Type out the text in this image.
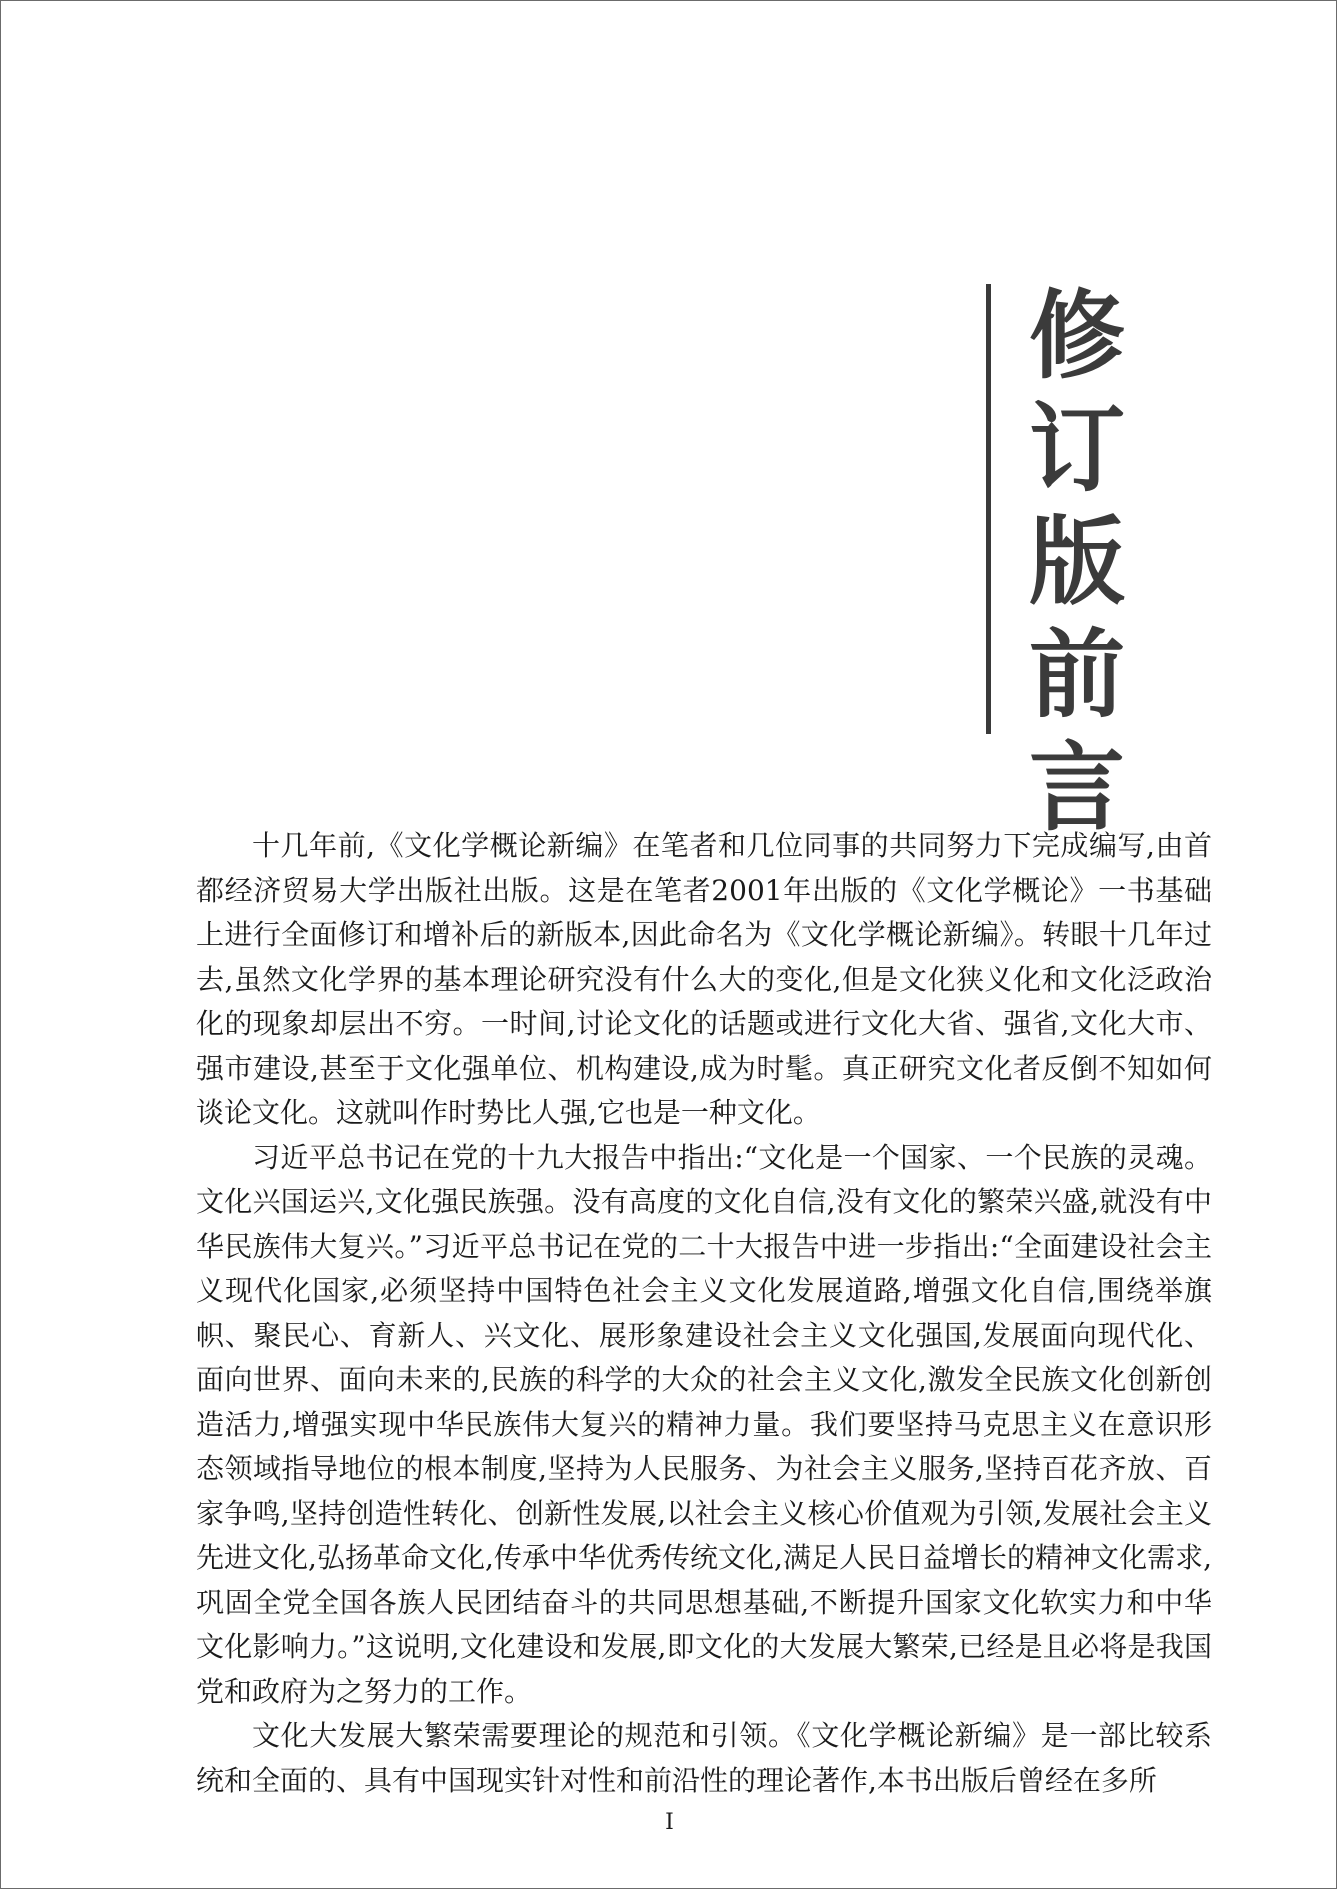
修
订
版
前
言

十几年前,《文化学概论新编》在笔者和几位同事的共同努力下完成编写,由首都经济贸易大学出版社出版。这是在笔者2001年出版的《文化学概论》一书基础上进行全面修订和增补后的新版本,因此命名为《文化学概论新编》。转眼十几年过去,虽然文化学界的基本理论研究没有什么大的变化,但是文化狭义化和文化泛政治化的现象却层出不穷。一时间,讨论文化的话题或进行文化大省、强省,文化大市、强市建设,甚至于文化强单位、机构建设,成为时髦。真正研究文化者反倒不知如何谈论文化。这就叫作时势比人强,它也是一种文化。

习近平总书记在党的十九大报告中指出:“文化是一个国家、一个民族的灵魂。文化兴国运兴,文化强民族强。没有高度的文化自信,没有文化的繁荣兴盛,就没有中华民族伟大复兴。”习近平总书记在党的二十大报告中进一步指出:“全面建设社会主义现代化国家,必须坚持中国特色社会主义文化发展道路,增强文化自信,围绕举旗帜、聚民心、育新人、兴文化、展形象建设社会主义文化强国,发展面向现代化、面向世界、面向未来的,民族的科学的大众的社会主义文化,激发全民族文化创新创造活力,增强实现中华民族伟大复兴的精神力量。我们要坚持马克思主义在意识形态领域指导地位的根本制度,坚持为人民服务、为社会主义服务,坚持百花齐放、百家争鸣,坚持创造性转化、创新性发展,以社会主义核心价值观为引领,发展社会主义先进文化,弘扬革命文化,传承中华优秀传统文化,满足人民日益增长的精神文化需求,巩固全党全国各族人民团结奋斗的共同思想基础,不断提升国家文化软实力和中华文化影响力。”这说明,文化建设和发展,即文化的大发展大繁荣,已经是且必将是我国党和政府为之努力的工作。

文化大发展大繁荣需要理论的规范和引领。《文化学概论新编》是一部比较系统和全面的、具有中国现实针对性和前沿性的理论著作,本书出版后曾经在多所

I
